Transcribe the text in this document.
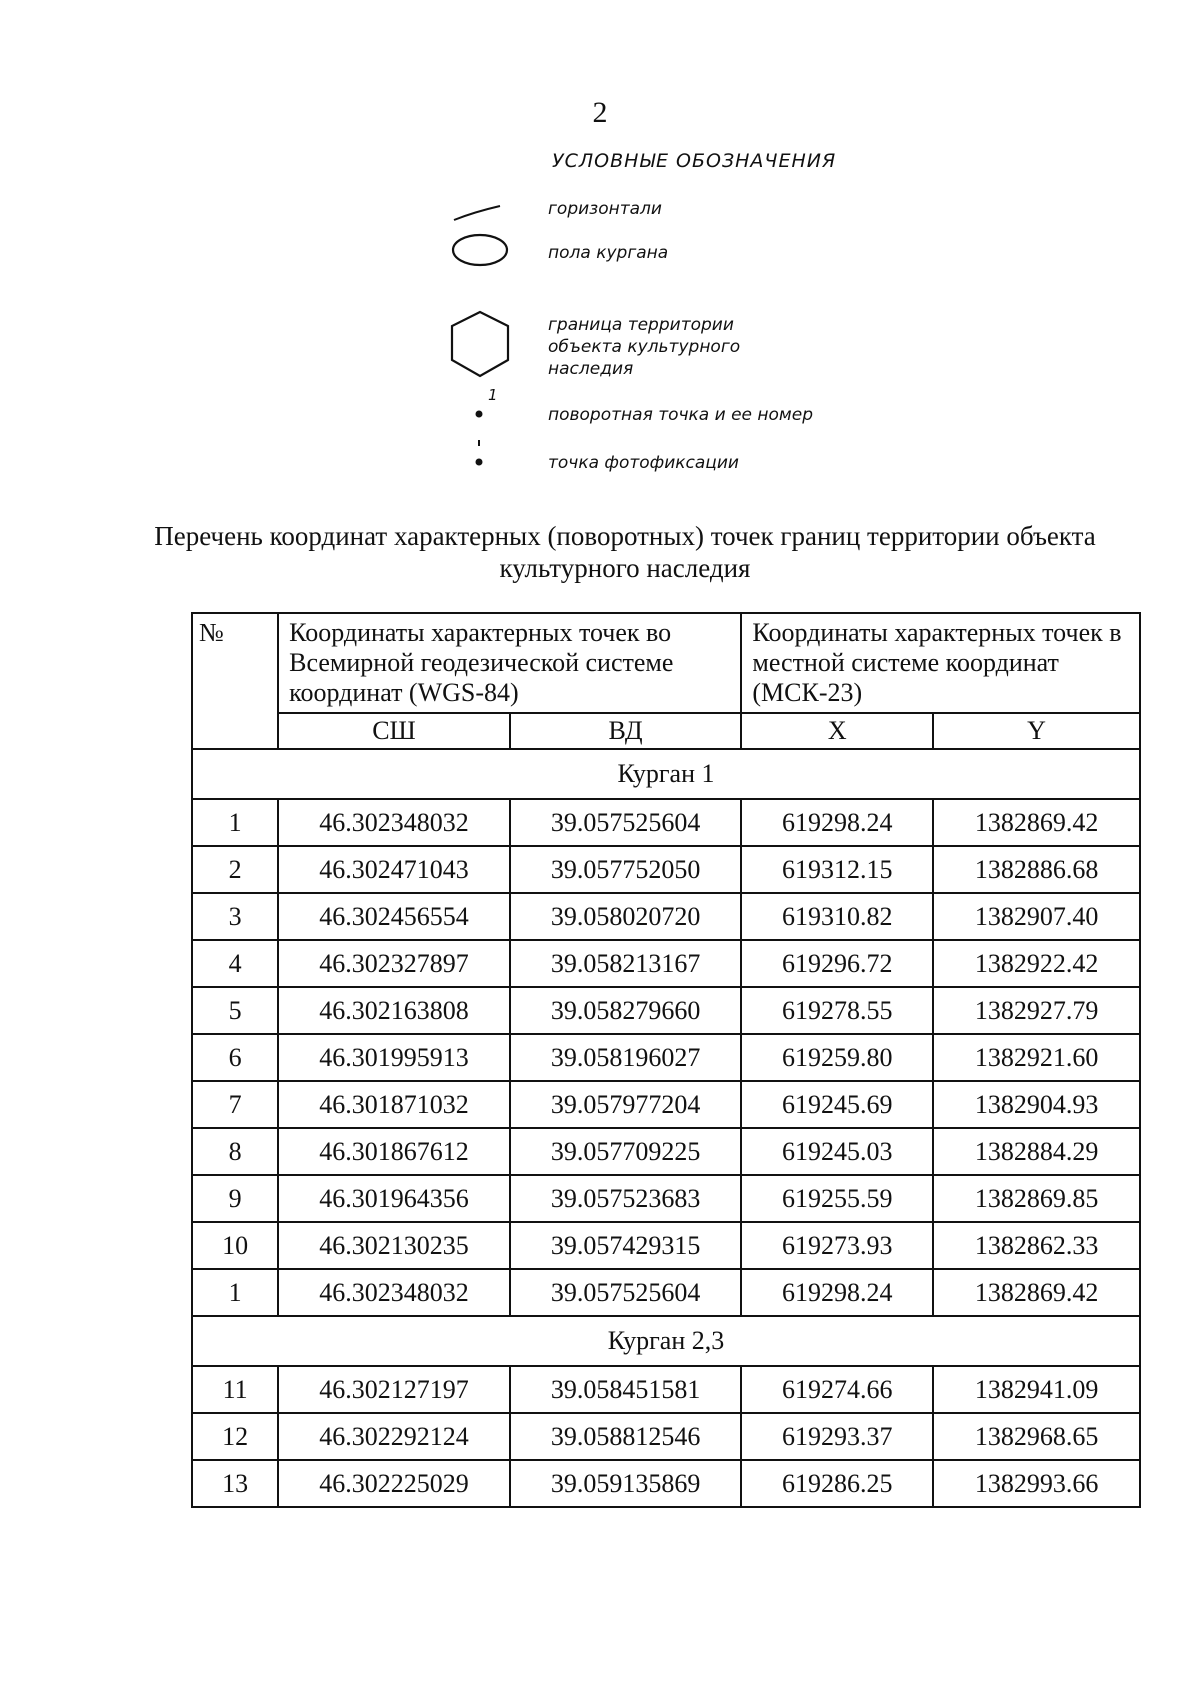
2
УСЛОВНЫЕ ОБОЗНАЧЕНИЯ
горизонтали
пола кургана
граница территории
объекта культурного
наследия
1
поворотная точка и ее номер
точка фотофиксации
Перечень координат характерных (поворотных) точек границ территории объекта культурного наследия
№	Координаты характерных точек во Всемирной геодезической системе координат (WGS-84)		Координаты характерных точек в местной системе координат (МСК-23)	
	СШ	ВД	X	Y
Курган 1				
1	46.302348032	39.057525604	619298.24	1382869.42
2	46.302471043	39.057752050	619312.15	1382886.68
3	46.302456554	39.058020720	619310.82	1382907.40
4	46.302327897	39.058213167	619296.72	1382922.42
5	46.302163808	39.058279660	619278.55	1382927.79
6	46.301995913	39.058196027	619259.80	1382921.60
7	46.301871032	39.057977204	619245.69	1382904.93
8	46.301867612	39.057709225	619245.03	1382884.29
9	46.301964356	39.057523683	619255.59	1382869.85
10	46.302130235	39.057429315	619273.93	1382862.33
1	46.302348032	39.057525604	619298.24	1382869.42
Курган 2,3				
11	46.302127197	39.058451581	619274.66	1382941.09
12	46.302292124	39.058812546	619293.37	1382968.65
13	46.302225029	39.059135869	619286.25	1382993.66
